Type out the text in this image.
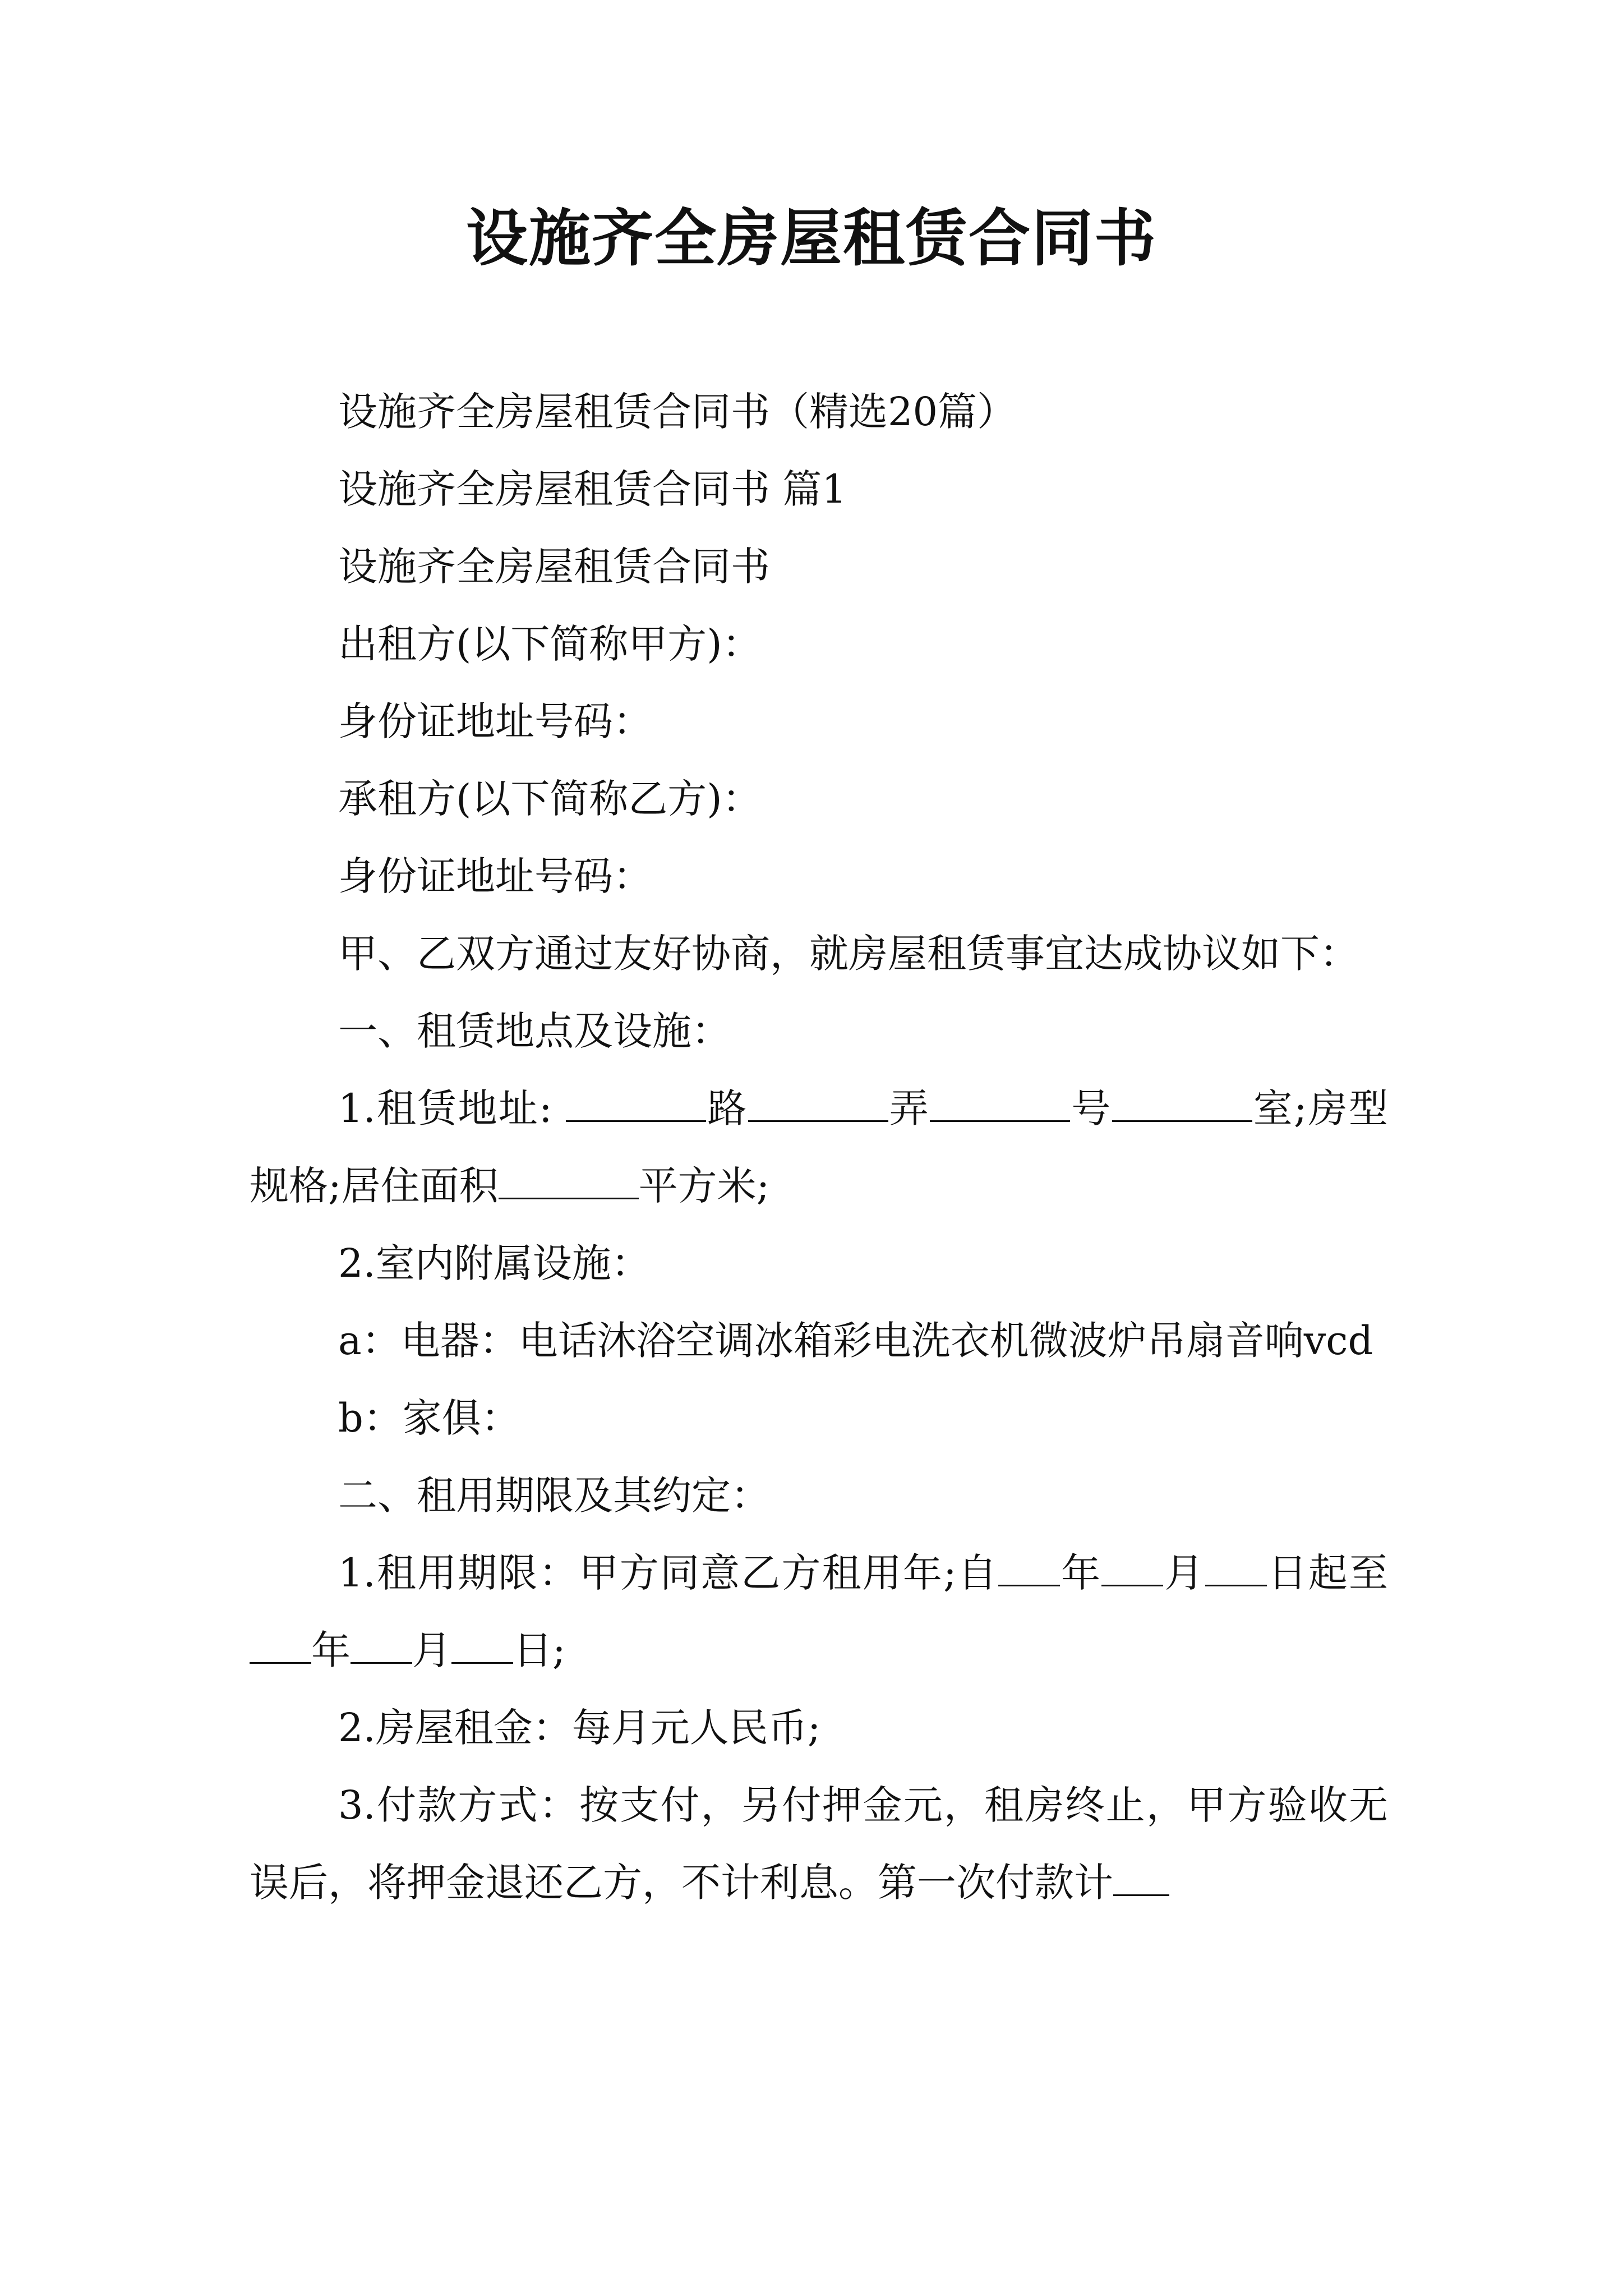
设施齐全房屋租赁合同书

设施齐全房屋租赁合同书（精选20篇）

设施齐全房屋租赁合同书 篇1

设施齐全房屋租赁合同书

出租方(以下简称甲方)：

身份证地址号码：

承租方(以下简称乙方)：

身份证地址号码：

甲、乙双方通过友好协商，就房屋租赁事宜达成协议如下：

一、租赁地点及设施：

1.租赁地址:	路	弄	号	室;房型规格;居住面积	平方米;

2.室内附属设施：

a：电器：电话沐浴空调冰箱彩电洗衣机微波炉吊扇音响vcd

b：家俱：

二、租用期限及其约定：

1.租用期限：甲方同意乙方租用年;自 年 月 日起至年 月 日;

2.房屋租金：每月元人民币;

3.付款方式：按支付，另付押金元，租房终止，甲方验收无误后，将押金退还乙方，不计利息。第一次付款计
